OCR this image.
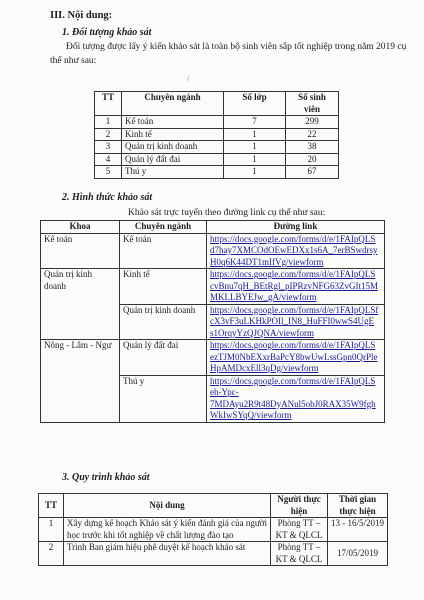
III. Nội dung:
1. Đối tượng khảo sát
Đối tượng được lấy ý kiến khảo sát là toàn bộ sinh viên sắp tốt nghiệp trong năm 2019 cụ
thể như sau:
/
TT	Chuyên ngành	Số lớp	Số sinh viên
1	Kế toán	7	299
2	Kinh tế	1	22
3	Quản trị kinh doanh	1	38
4	Quản lý đất đai	1	20
5	Thú y	1	67
2. Hình thức khảo sát
Khảo sát trực tuyến theo đường link cụ thể như sau:
Khoa	Chuyên ngành	Đường link
Kế toán	Kế toán	https://docs.google.com/forms/d/e/1FAIpQLS
d7hay7XMCOdOEwEDXx1s6A_7erBSwdrsy
H0q6K44DT1mIfVg/viewform

Quản trị kinh doanh	Kinh tế	https://docs.google.com/forms/d/e/1FAIpQLS
cvBnu7qH_BEtRgl_pIPRzvNFG63ZvGIt15M
MKLLBYEJw_gA/viewform

	Quản trị kinh doanh	https://docs.google.com/forms/d/e/1FAIpQLSf
cX3vF3uLKHkPOIl_IN8_HuFFI0wwS4UgE
s1OrqyYzQJQNA/viewform

Nông - Lâm - Ngư	Quản lý đất đai	https://docs.google.com/forms/d/e/1FAIpQLS
ezTJM0NbEXxrBaPcY8bwUwLssGpn0QrPle
HpAMDcxEll3qDg/viewform

	Thú y	https://docs.google.com/forms/d/e/1FAIpQLS
eh-Ypc-
7MDAyu2R9t48DyANul5obJ0RAX35W9fgh
WkIwSYqQ/viewform
3. Quy trình khảo sát
TT	Nội dung	Người thực hiện	Thời gian thực hiện
1	Xây dựng kế hoạch Khảo sát ý kiến đánh giá của người học trước khi tốt nghiệp về chất lượng đào tạo	Phòng TT – KT & QLCL	13 - 16/5/2019
2	Trình Ban giám hiệu phê duyệt kế hoạch khảo sát	Phòng TT – KT & QLCL	17/05/2019
